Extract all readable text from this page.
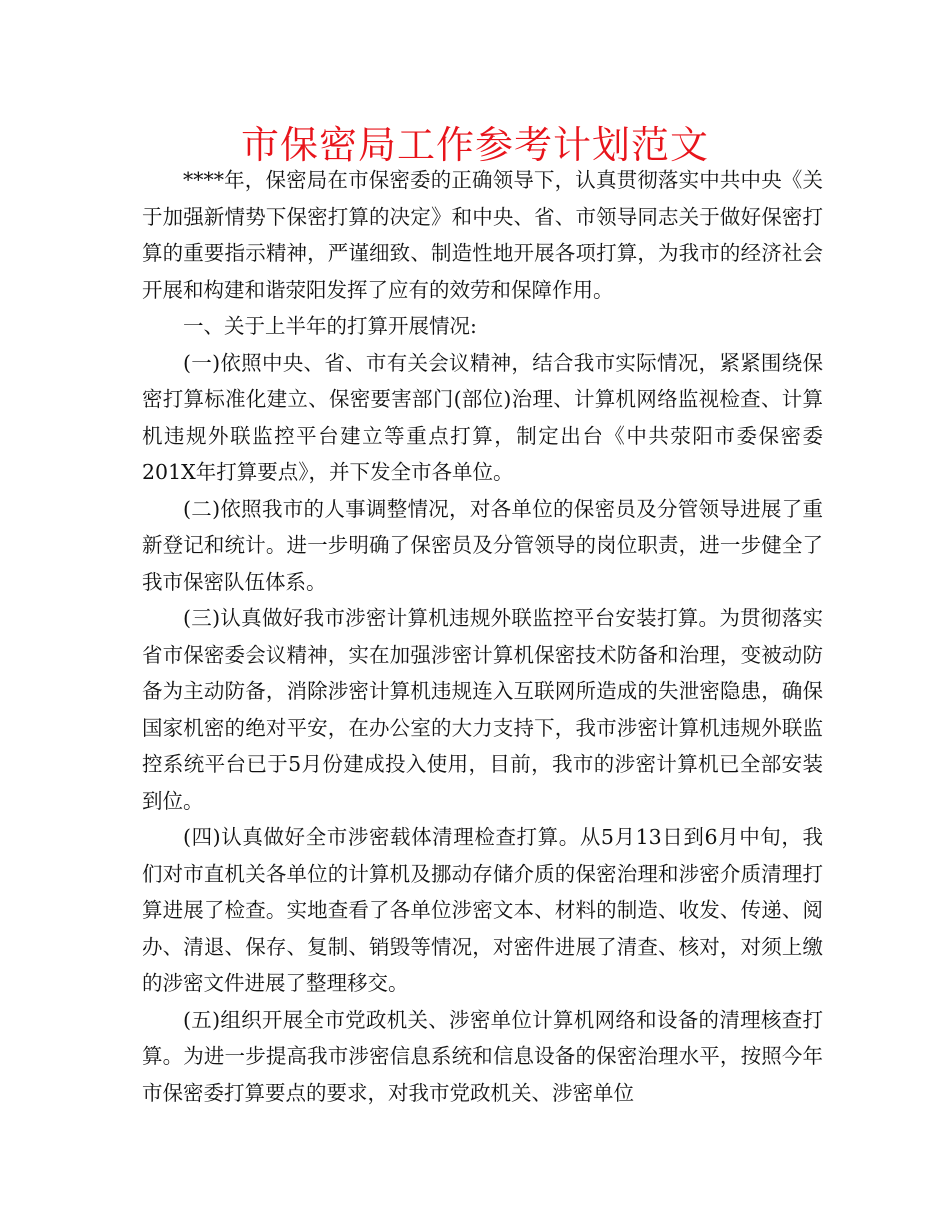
市保密局工作参考计划范文

****年，保密局在市保密委的正确领导下，认真贯彻落实中共中央《关于加强新情势下保密打算的决定》和中央、省、市领导同志关于做好保密打算的重要指示精神，严谨细致、制造性地开展各项打算，为我市的经济社会开展和构建和谐荥阳发挥了应有的效劳和保障作用。

一、关于上半年的打算开展情况:

(一)依照中央、省、市有关会议精神，结合我市实际情况，紧紧围绕保密打算标准化建立、保密要害部门(部位)治理、计算机网络监视检查、计算机违规外联监控平台建立等重点打算，制定出台《中共荥阳市委保密委201X年打算要点》，并下发全市各单位。

(二)依照我市的人事调整情况，对各单位的保密员及分管领导进展了重新登记和统计。进一步明确了保密员及分管领导的岗位职责，进一步健全了我市保密队伍体系。

(三)认真做好我市涉密计算机违规外联监控平台安装打算。为贯彻落实省市保密委会议精神，实在加强涉密计算机保密技术防备和治理，变被动防备为主动防备，消除涉密计算机违规连入互联网所造成的失泄密隐患，确保国家机密的绝对平安，在办公室的大力支持下，我市涉密计算机违规外联监控系统平台已于5月份建成投入使用，目前，我市的涉密计算机已全部安装到位。

(四)认真做好全市涉密载体清理检查打算。从5月13日到6月中旬，我们对市直机关各单位的计算机及挪动存储介质的保密治理和涉密介质清理打算进展了检查。实地查看了各单位涉密文本、材料的制造、收发、传递、阅办、清退、保存、复制、销毁等情况，对密件进展了清查、核对，对须上缴的涉密文件进展了整理移交。

(五)组织开展全市党政机关、涉密单位计算机网络和设备的清理核查打算。为进一步提高我市涉密信息系统和信息设备的保密治理水平，按照今年市保密委打算要点的要求，对我市党政机关、涉密单位
